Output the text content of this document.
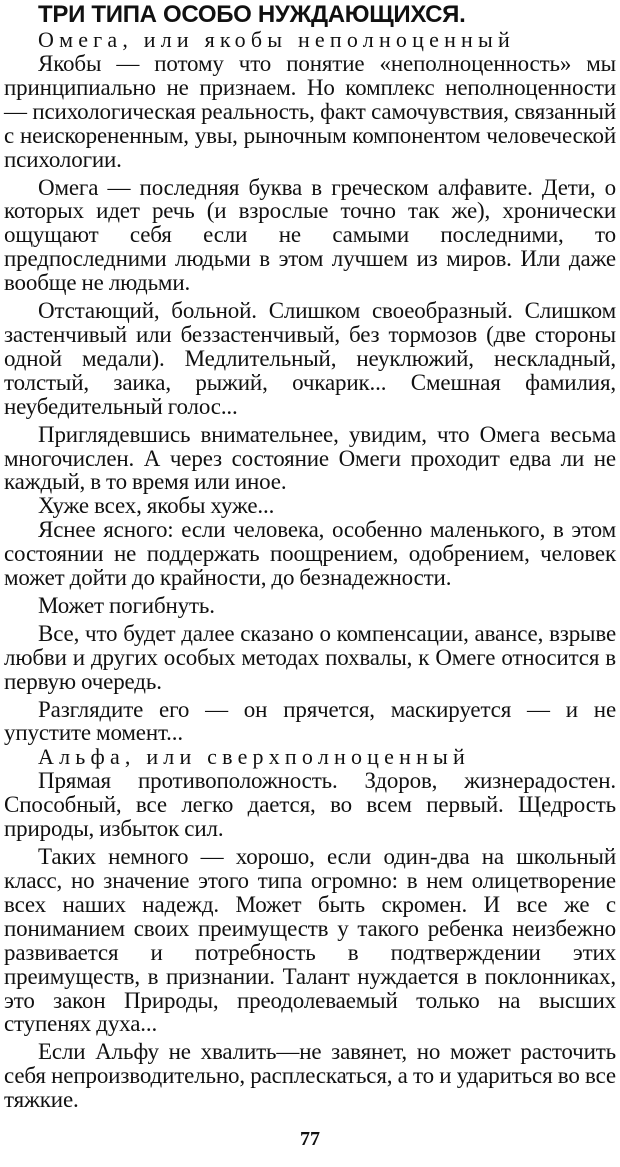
ТРИ ТИПА ОСОБО НУЖДАЮЩИХСЯ.
Омега, или якобы неполноценный

Якобы — потому что понятие «неполноценность» мы принципиально не признаем. Но комплекс неполноценности — психологическая реальность, факт самочувствия, связанный с неискорененным, увы, рыночным компонентом человеческой психологии.

Омега — последняя буква в греческом алфавите. Дети, о которых идет речь (и взрослые точно так же), хронически ощущают себя если не самыми последними, то предпоследними людьми в этом лучшем из миров. Или даже вообще не людьми.

Отстающий, больной. Слишком своеобразный. Слишком застенчивый или беззастенчивый, без тормозов (две стороны одной медали). Медлительный, неуклюжий, нескладный, толстый, заика, рыжий, очкарик... Смешная фамилия, неубедительный голос...

Приглядевшись внимательнее, увидим, что Омега весьма многочислен. А через состояние Омеги проходит едва ли не каждый, в то время или иное.

Хуже всех, якобы хуже...

Яснее ясного: если человека, особенно маленького, в этом состоянии не поддержать поощрением, одобрением, человек может дойти до крайности, до безнадежности.

Может погибнуть.

Все, что будет далее сказано о компенсации, авансе, взрыве любви и других особых методах похвалы, к Омеге относится в первую очередь.

Разглядите его — он прячется, маскируется — и не упустите момент...

Альфа, или сверхполноценный

Прямая противоположность. Здоров, жизнерадостен. Способный, все легко дается, во всем первый. Щедрость природы, избыток сил.

Таких немного — хорошо, если один-два на школьный класс, но значение этого типа огромно: в нем олицетворение всех наших надежд. Может быть скромен. И все же с пониманием своих преимуществ у такого ребенка неизбежно развивается и потребность в подтверждении этих преимуществ, в признании. Талант нуждается в поклонниках, это закон Природы, преодолеваемый только на высших ступенях духа...

Если Альфу не хвалить—не завянет, но может расточить себя непроизводительно, расплескаться, а то и удариться во все тяжкие.

77
